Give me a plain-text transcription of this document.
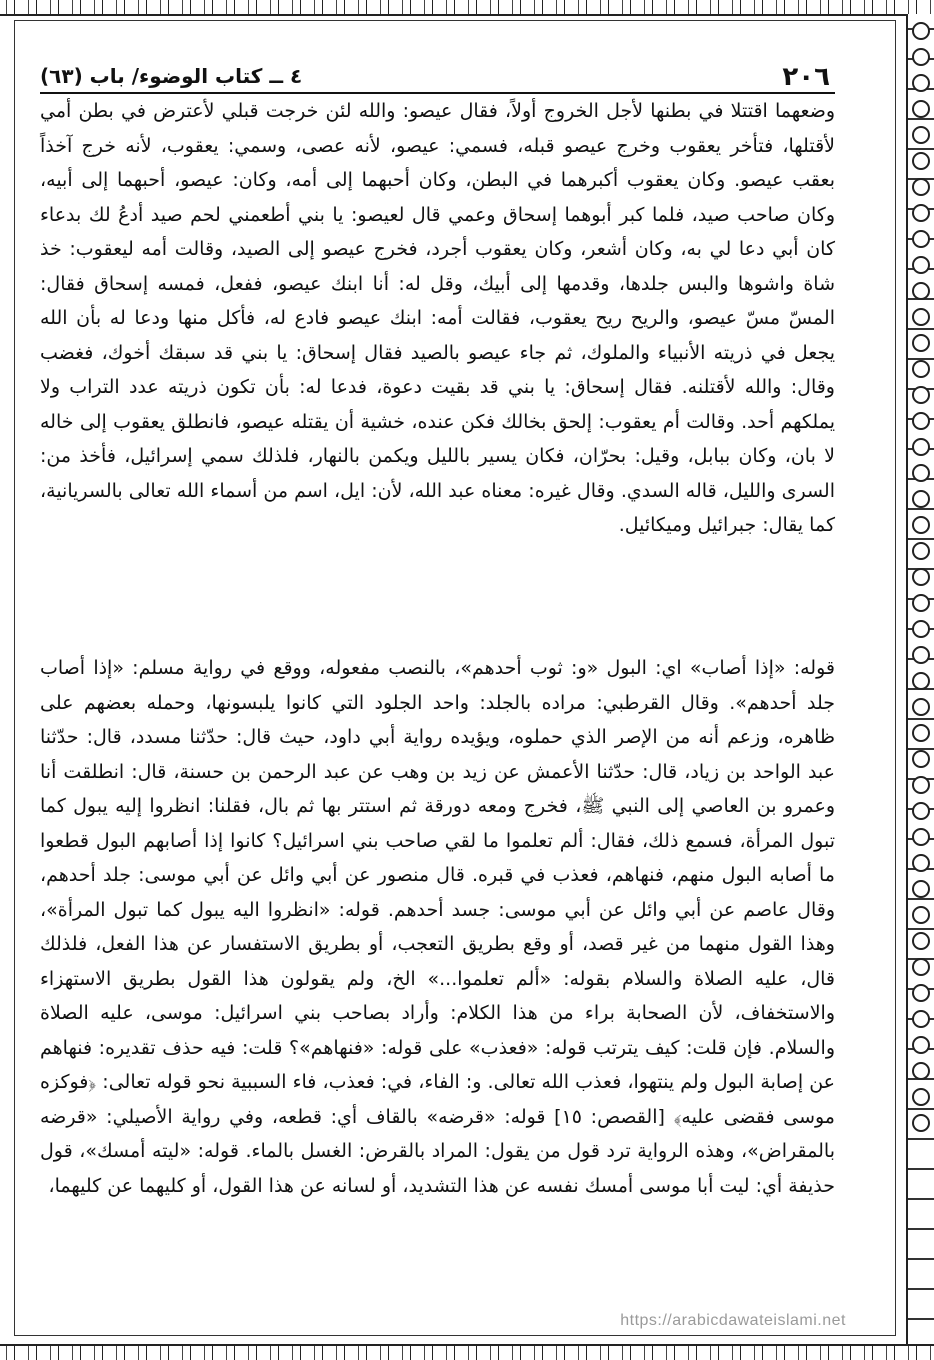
٢٠٦
٤ ــ كتاب الوضوء/ باب (٦٣)

وضعهما اقتتلا في بطنها لأجل الخروج أولاً، فقال عيصو: والله لئن خرجت قبلي لأعترض في بطن أمي لأقتلها، فتأخر يعقوب وخرج عيصو قبله، فسمي: عيصو، لأنه عصى، وسمي: يعقوب، لأنه خرج آخذاً بعقب عيصو. وكان يعقوب أكبرهما في البطن، وكان أحبهما إلى أمه، وكان: عيصو، أحبهما إلى أبيه، وكان صاحب صيد، فلما كبر أبوهما إسحاق وعمي قال لعيصو: يا بني أطعمني لحم صيد أدعُ لك بدعاء كان أبي دعا لي به، وكان أشعر، وكان يعقوب أجرد، فخرج عيصو إلى الصيد، وقالت أمه ليعقوب: خذ شاة واشوها والبس جلدها، وقدمها إلى أبيك، وقل له: أنا ابنك عيصو، ففعل، فمسه إسحاق فقال: المسّ مسّ عيصو، والريح ريح يعقوب، فقالت أمه: ابنك عيصو فادع له، فأكل منها ودعا له بأن الله يجعل في ذريته الأنبياء والملوك، ثم جاء عيصو بالصيد فقال إسحاق: يا بني قد سبقك أخوك، فغضب وقال: والله لأقتلنه. فقال إسحاق: يا بني قد بقيت دعوة، فدعا له: بأن تكون ذريته عدد التراب ولا يملكهم أحد. وقالت أم يعقوب: إلحق بخالك فكن عنده، خشية أن يقتله عيصو، فانطلق يعقوب إلى خاله لا بان، وكان ببابل، وقيل: بحرّان، فكان يسير بالليل ويكمن بالنهار، فلذلك سمي إسرائيل، فأخذ من: السرى والليل، قاله السدي. وقال غيره: معناه عبد الله، لأن: ايل، اسم من أسماء الله تعالى بالسريانية، كما يقال: جبرائيل وميكائيل.

قوله: «إذا أصاب» اي: البول «و: ثوب أحدهم»، بالنصب مفعوله، ووقع في رواية مسلم: «إذا أصاب جلد أحدهم». وقال القرطبي: مراده بالجلد: واحد الجلود التي كانوا يلبسونها، وحمله بعضهم على ظاهره، وزعم أنه من الإصر الذي حملوه، ويؤيده رواية أبي داود، حيث قال: حدّثنا مسدد، قال: حدّثنا عبد الواحد بن زياد، قال: حدّثنا الأعمش عن زيد بن وهب عن عبد الرحمن بن حسنة، قال: انطلقت أنا وعمرو بن العاصي إلى النبي ﷺ، فخرج ومعه دورقة ثم استتر بها ثم بال، فقلنا: انظروا إليه يبول كما تبول المرأة، فسمع ذلك، فقال: ألم تعلموا ما لقي صاحب بني اسرائيل؟ كانوا إذا أصابهم البول قطعوا ما أصابه البول منهم، فنهاهم، فعذب في قبره. قال منصور عن أبي وائل عن أبي موسى: جلد أحدهم، وقال عاصم عن أبي وائل عن أبي موسى: جسد أحدهم. قوله: «انظروا اليه يبول كما تبول المرأة»، وهذا القول منهما من غير قصد، أو وقع بطريق التعجب، أو بطريق الاستفسار عن هذا الفعل، فلذلك قال، عليه الصلاة والسلام بقوله: «ألم تعلموا...» الخ، ولم يقولون هذا القول بطريق الاستهزاء والاستخفاف، لأن الصحابة براء من هذا الكلام: وأراد بصاحب بني اسرائيل: موسى، عليه الصلاة والسلام. فإن قلت: كيف يترتب قوله: «فعذب» على قوله: «فنهاهم»؟ قلت: فيه حذف تقديره: فنهاهم عن إصابة البول ولم ينتهوا، فعذب الله تعالى. و: الفاء، في: فعذب، فاء السببية نحو قوله تعالى: ﴿فوكزه موسى فقضى عليه﴾ [القصص: ١٥] قوله: «قرضه» بالقاف أي: قطعه، وفي رواية الأصيلي: «قرضه بالمقراض»، وهذه الرواية ترد قول من يقول: المراد بالقرض: الغسل بالماء. قوله: «ليته أمسك»، قول حذيفة أي: ليت أبا موسى أمسك نفسه عن هذا التشديد، أو لسانه عن هذا القول، أو كليهما عن كليهما،

https://arabicdawateislami.net
